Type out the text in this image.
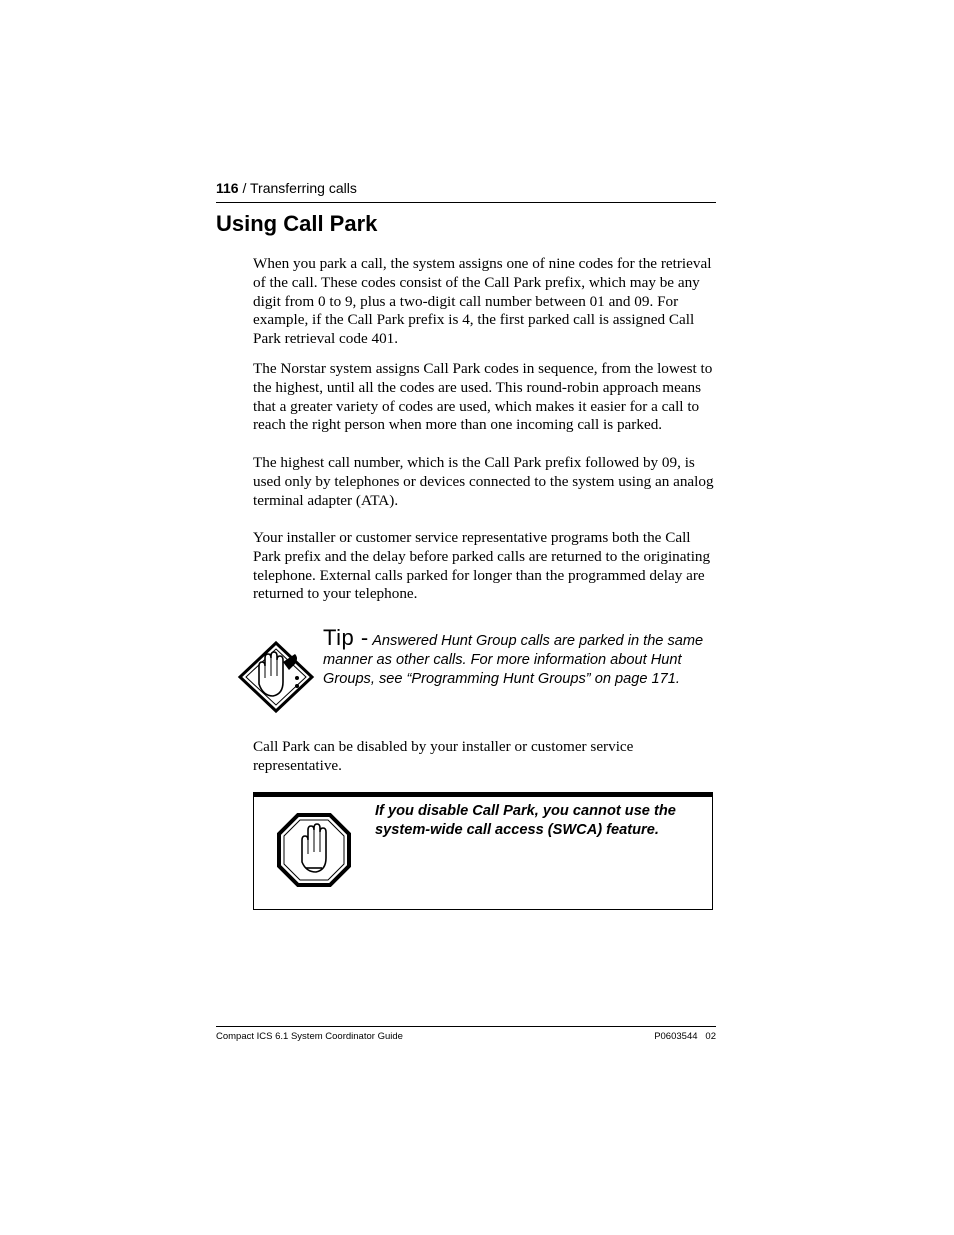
116 / Transferring calls
Using Call Park

When you park a call, the system assigns one of nine codes for the retrieval of the call. These codes consist of the Call Park prefix, which may be any digit from 0 to 9, plus a two-digit call number between 01 and 09. For example, if the Call Park prefix is 4, the first parked call is assigned Call Park retrieval code 401.

The Norstar system assigns Call Park codes in sequence, from the lowest to the highest, until all the codes are used. This round-robin approach means that a greater variety of codes are used, which makes it easier for a call to reach the right person when more than one incoming call is parked.

The highest call number, which is the Call Park prefix followed by 09, is used only by telephones or devices connected to the system using an analog terminal adapter (ATA).

Your installer or customer service representative programs both the Call Park prefix and the delay before parked calls are returned to the originating telephone. External calls parked for longer than the programmed delay are returned to your telephone.

Tip - Answered Hunt Group calls are parked in the same manner as other calls. For more information about Hunt Groups, see “Programming Hunt Groups” on page 171.

Call Park can be disabled by your installer or customer service representative.

If you disable Call Park, you cannot use the system-wide call access (SWCA) feature.

Compact ICS 6.1 System Coordinator Guide	P0603544   02
